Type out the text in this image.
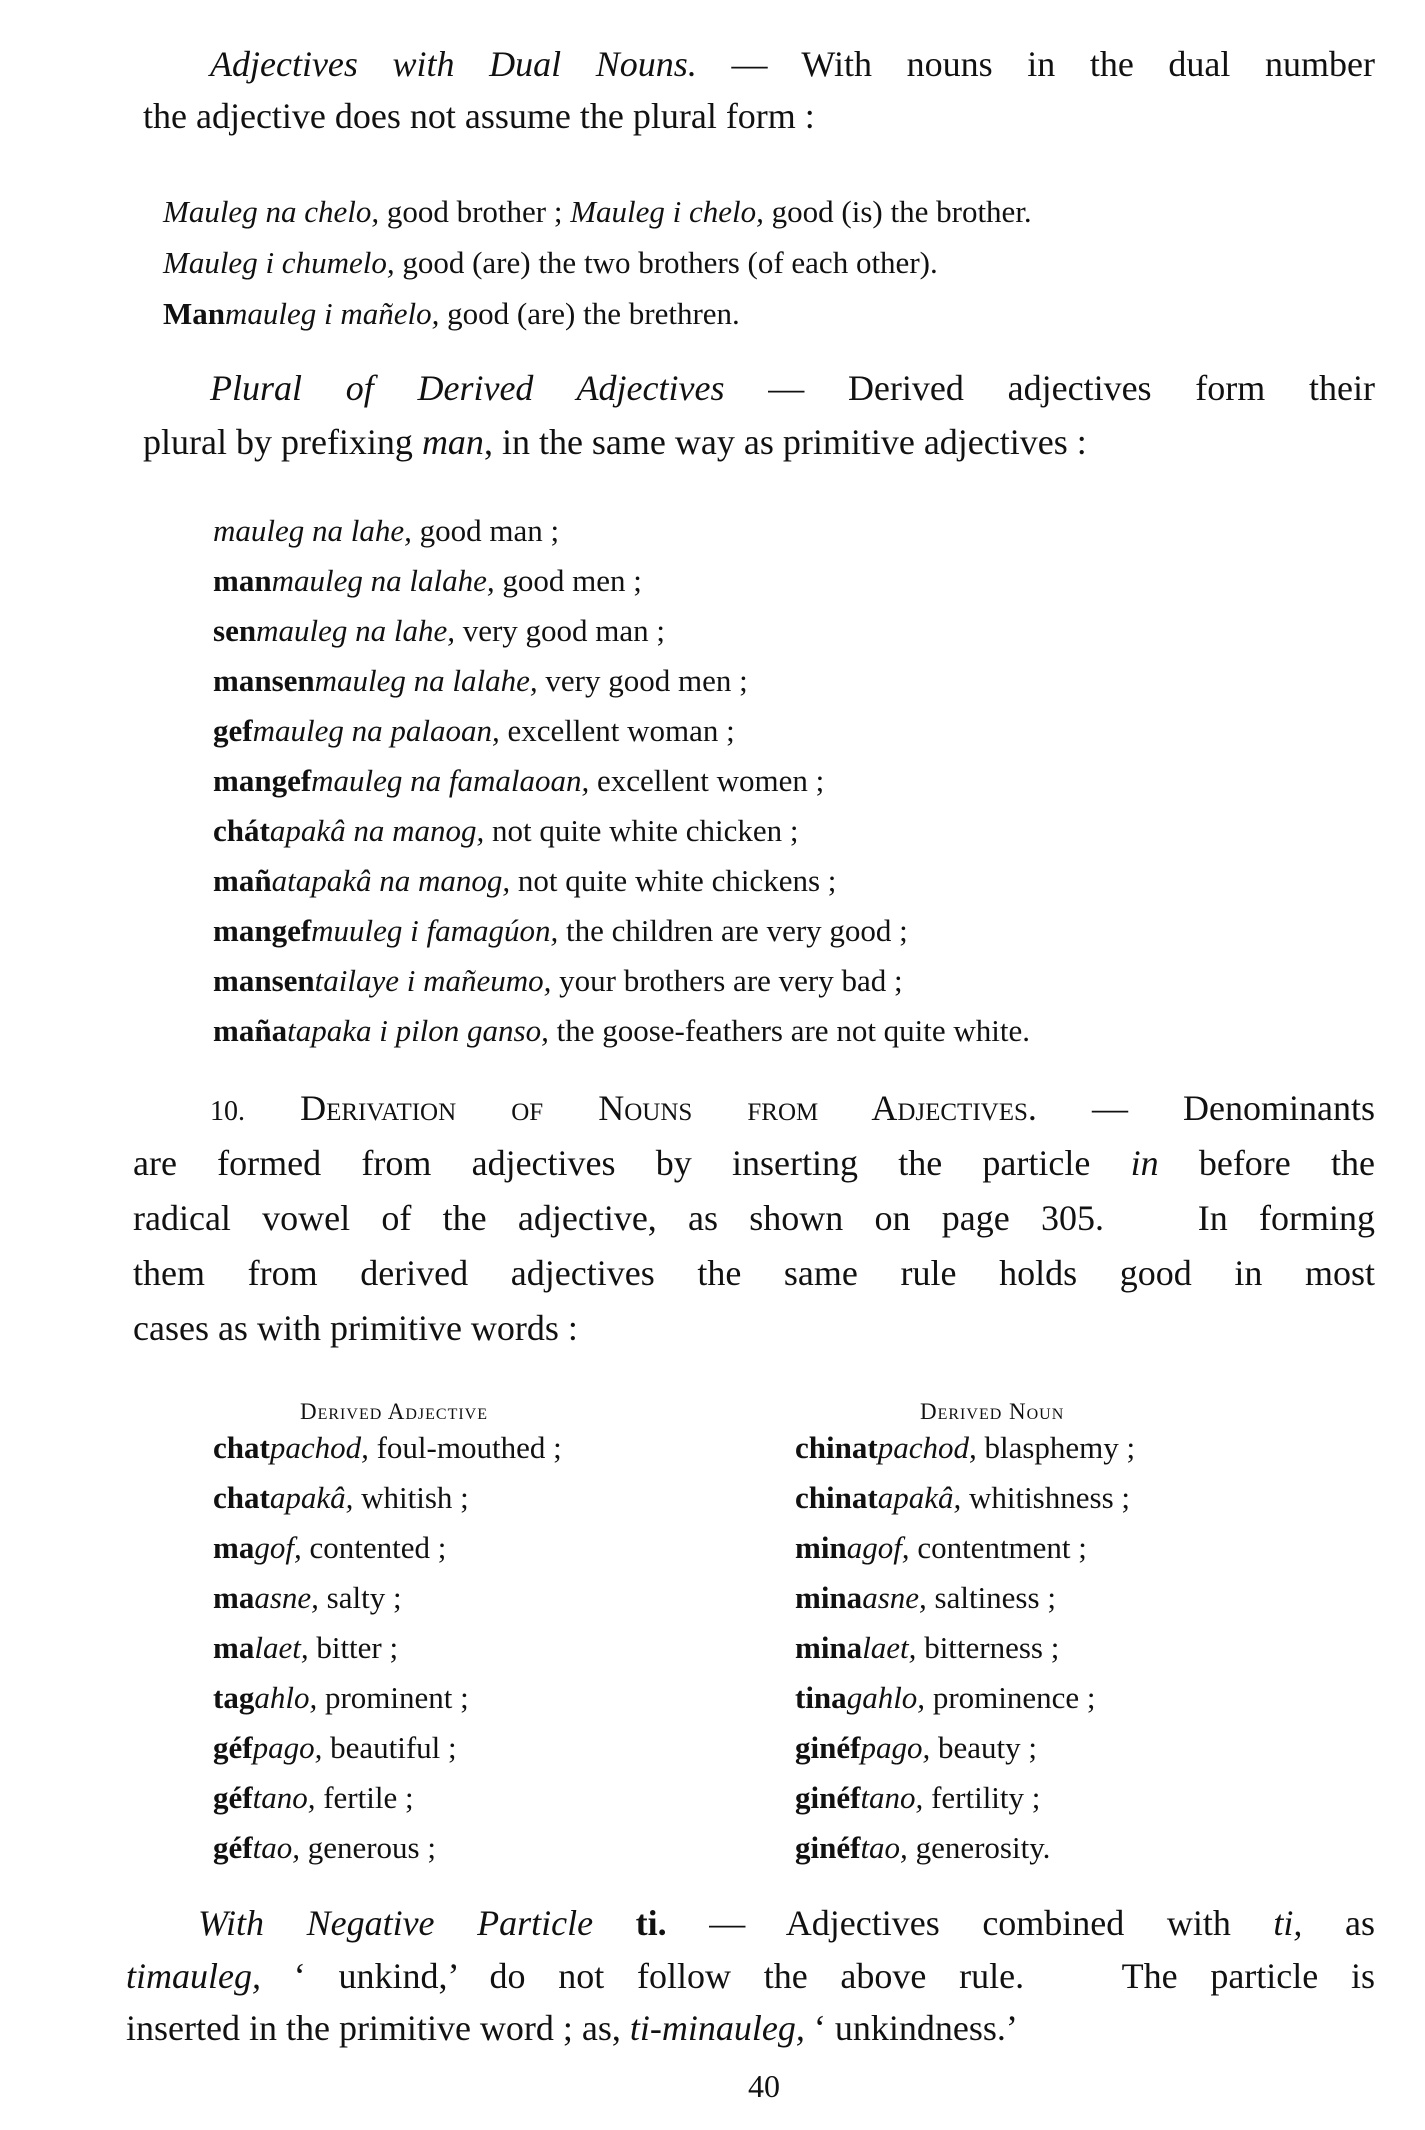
Adjectives with Dual Nouns. — With nouns in the dual number
the adjective does not assume the plural form :
Mauleg na chelo, good brother ; Mauleg i chelo, good (is) the brother.
Mauleg i chumelo, good (are) the two brothers (of each other).
Manmauleg i mañelo, good (are) the brethren.
Plural of Derived Adjectives — Derived adjectives form their
plural by prefixing man, in the same way as primitive adjectives :
mauleg na lahe, good man ;
manmauleg na lalahe, good men ;
senmauleg na lahe, very good man ;
mansenmauleg na lalahe, very good men ;
gefmauleg na palaoan, excellent woman ;
mangefmauleg na famalaoan, excellent women ;
chátapakâ na manog, not quite white chicken ;
mañatapakâ na manog, not quite white chickens ;
mangefmuuleg i famagúon, the children are very good ;
mansentailaye i mañeumo, your brothers are very bad ;
mañatapaka i pilon ganso, the goose-feathers are not quite white.
10. Derivation of Nouns from Adjectives. — Denominants
are formed from adjectives by inserting the particle in before the
radical vowel of the adjective, as shown on page 305.   In forming
them from derived adjectives the same rule holds good in most
cases as with primitive words :
Derived Adjective	Derived Noun
chatpachod, foul-mouthed ;	chinatpachod, blasphemy ;
chatapakâ, whitish ;	chinatapakâ, whitishness ;
magof, contented ;	minagof, contentment ;
maasne, salty ;	minaasne, saltiness ;
malaet, bitter ;	minalaet, bitterness ;
tagahlo, prominent ;	tinagahlo, prominence ;
géfpago, beautiful ;	ginéfpago, beauty ;
géftano, fertile ;	ginéftano, fertility ;
géftao, generous ;	ginéftao, generosity.
With Negative Particle ti. — Adjectives combined with ti, as
timauleg, ‘ unkind,’ do not follow the above rule.   The particle is
inserted in the primitive word ; as, ti-minauleg, ‘ unkindness.’
40
